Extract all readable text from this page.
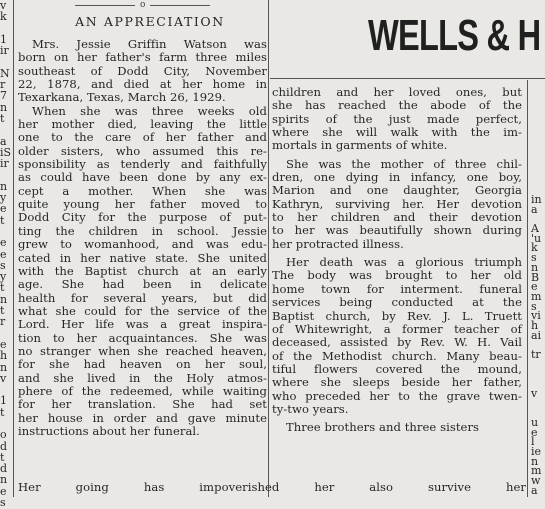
v
k
1
ir
N
r
7
n
t
a
iS
ir
n
y
e
t
e
e
s
y
t
n
t
r
e
h
n
v
1
t
o
d
t
d
n
e
s
o
AN APPRECIATION
Mrs. Jessie Griffin Watson was
born on her father's farm three miles
southeast of Dodd City, November
22, 1878, and died at her home in
Texarkana, Texas, March 26, 1929.
When she was three weeks old
her mother died, leaving the little
one to the care of her father and
older sisters, who assumed this re-
sponsibility as tenderly and faithfully
as could have been done by any ex-
cept a mother. When she was
quite young her father moved to
Dodd City for the purpose of put-
ting the children in school. Jessie
grew to womanhood, and was edu-
cated in her native state. She united
with the Baptist church at an early
age. She had been in delicate
health for several years, but did
what she could for the service of the
Lord. Her life was a great inspira-
tion to her acquaintances. She was
no stranger when she reached heaven,
for she had heaven on her soul,
and she lived in the Holy atmos-
phere of the redeemed, while waiting
for her translation. She had set
her house in order and gave minute
instructions about her funeral.
WELLS & H
children and her loved ones, but
she has reached the abode of the
spirits of the just made perfect,
where she will walk with the im-
mortals in garments of white.
She was the mother of three chil-
dren, one dying in infancy, one boy,
Marion and one daughter, Georgia
Kathryn, surviving her. Her devotion
to her children and their devotion
to her was beautifully shown during
her protracted illness.
Her death was a glorious triumph
The body was brought to her old
home town for interment. funeral
services being conducted at the
Baptist church, by Rev. J. L. Truett
of Whitewright, a former teacher of
deceased, assisted by Rev. W. H. Vail
of the Methodist church. Many beau-
tiful flowers covered the mound,
where she sleeps beside her father,
who preceded her to the grave twen-
ty-two years.
Three brothers and three sisters
in
a
A
'u
k
s
n
B
e
m
s
vi
h
ai
tr
v
u
e
l
ie
n
m
w
a
Her going has impoverished her also survive her
